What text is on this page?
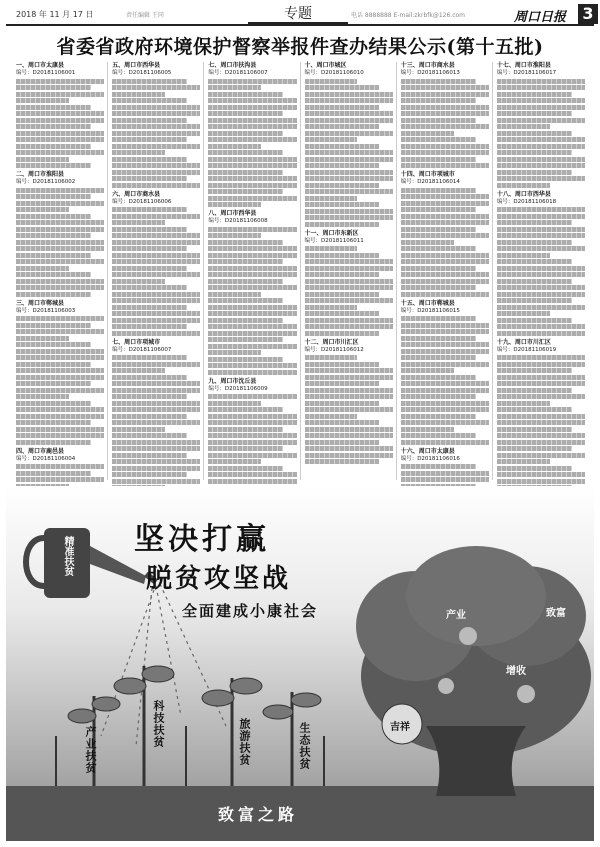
2018 年 11 月 17 日	责任编辑 王同	专题	电话 8888888 E-mail:zkrbfk@126.com	周口日报 3
省委省政府环境保护督察举报件查办结果公示(第十五批)
一、周口市太康县
编号：D20181106001
二、周口市淮阳县
编号：D20181106002
三、周口市郸城县
编号：D20181106003
四、周口市鹿邑县
编号：D20181106004
五、周口市西华县
编号：D20181106005
六、周口市商水县
编号：D20181106006
七、周口市项城市
编号：D20181106007
七、周口市扶沟县
编号：D20181106007
八、周口市西华县
编号：D20181106008
九、周口市沈丘县
编号：D20181106009
十、周口市城区
编号：D20181106010
十一、周口市东新区
编号：D20181106011
十二、周口市川汇区
编号：D20181106012
十三、周口市商水县
编号：D20181106013
十四、周口市项城市
编号：D20181106014
十五、周口市郸城县
编号：D20181106015
十六、周口市太康县
编号：D20181106016
十七、周口市淮阳县
编号：D20181106017
十八、周口市西华县
编号：D20181106018
十九、周口市川汇区
编号：D20181106019
坚决打赢
脱贫攻坚战
全面建成小康社会
精准扶贫
产业
吉祥
增收
致富
产业扶贫
科技扶贫	旅游扶贫	生态扶贫
致富之路
